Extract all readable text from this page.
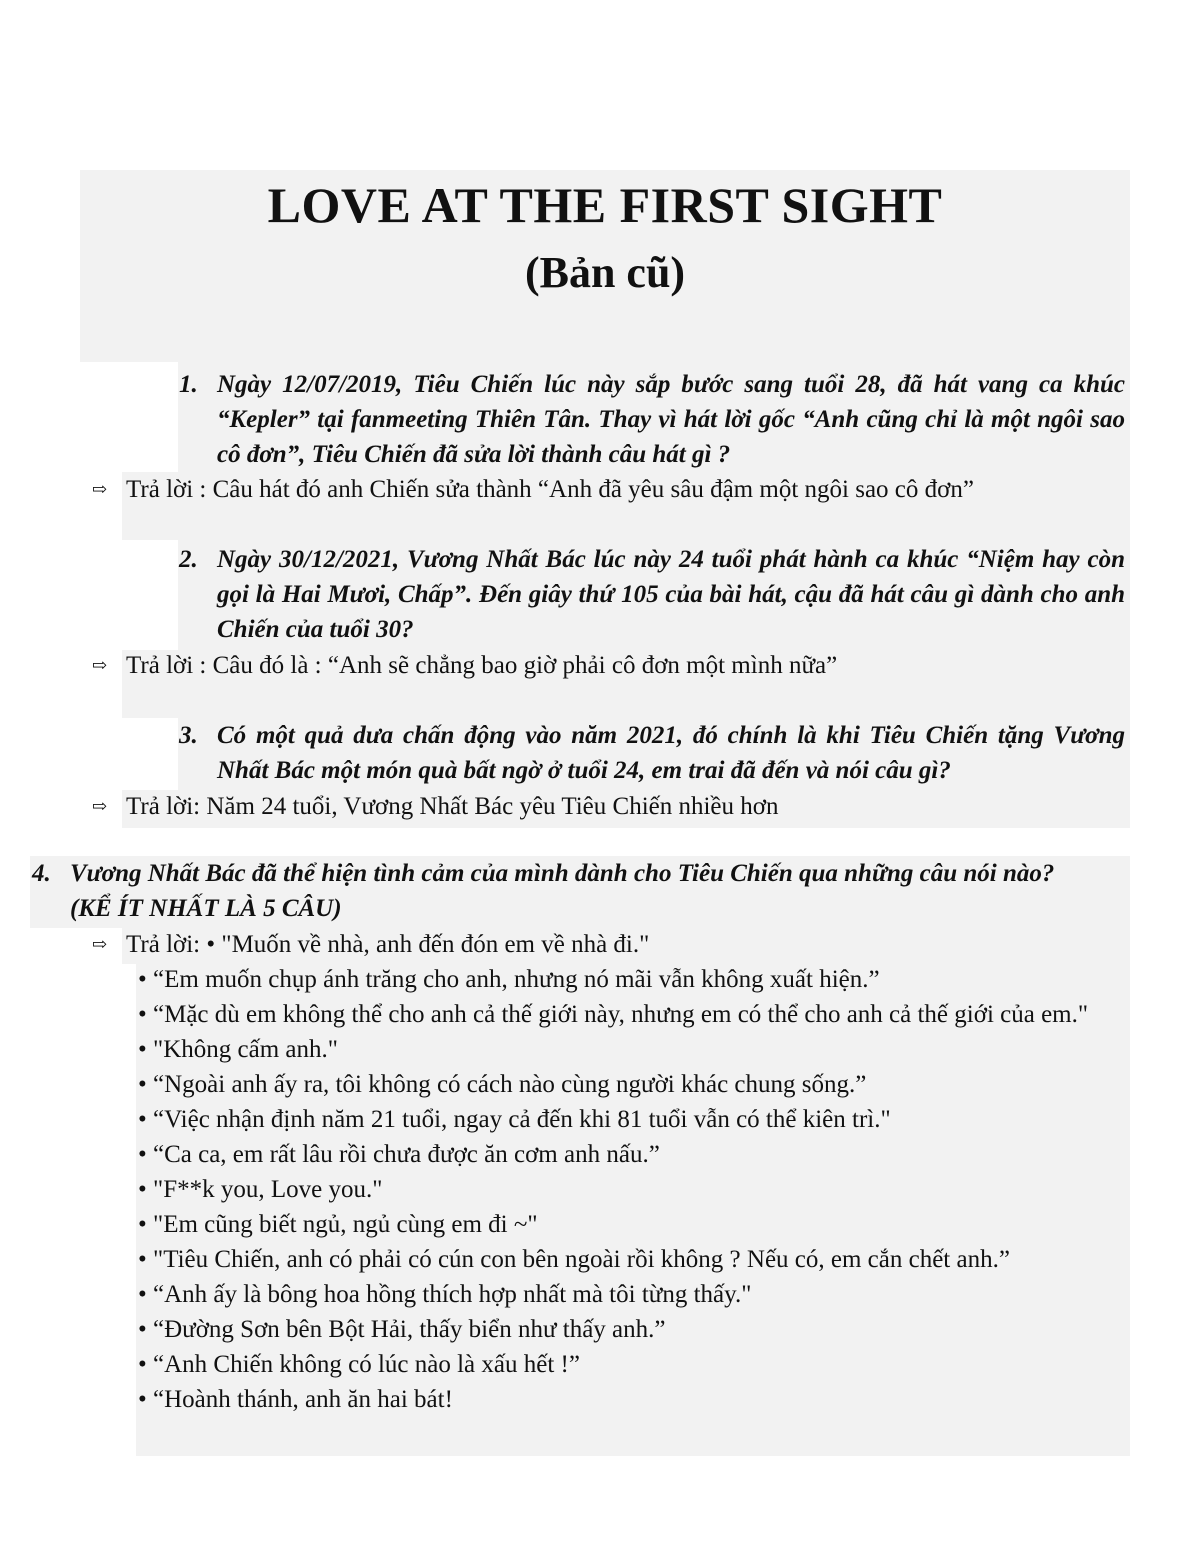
LOVE AT THE FIRST SIGHT
(Bản cũ)
1. Ngày 12/07/2019, Tiêu Chiến lúc này sắp bước sang tuổi 28, đã hát vang ca khúc “Kepler” tại fanmeeting Thiên Tân. Thay vì hát lời gốc “Anh cũng chỉ là một ngôi sao cô đơn”, Tiêu Chiến đã sửa lời thành câu hát gì ?
⇨ Trả lời : Câu hát đó anh Chiến sửa thành “Anh đã yêu sâu đậm một ngôi sao cô đơn”
2. Ngày 30/12/2021, Vương Nhất Bác lúc này 24 tuổi phát hành ca khúc “Niệm hay còn gọi là Hai Mươi, Chấp”. Đến giây thứ 105 của bài hát, cậu đã hát câu gì dành cho anh Chiến của tuổi 30?
⇨ Trả lời : Câu đó là : “Anh sẽ chẳng bao giờ phải cô đơn một mình nữa”
3. Có một quả dưa chấn động vào năm 2021, đó chính là khi Tiêu Chiến tặng Vương Nhất Bác một món quà bất ngờ ở tuổi 24, em trai đã đến và nói câu gì?
⇨ Trả lời: Năm 24 tuổi, Vương Nhất Bác yêu Tiêu Chiến nhiều hơn
4. Vương Nhất Bác đã thể hiện tình cảm của mình dành cho Tiêu Chiến qua những câu nói nào?
(KỂ ÍT NHẤT LÀ 5 CÂU)
⇨ Trả lời: • "Muốn về nhà, anh đến đón em về nhà đi."
• “Em muốn chụp ánh trăng cho anh, nhưng nó mãi vẫn không xuất hiện.”
• “Mặc dù em không thể cho anh cả thế giới này, nhưng em có thể cho anh cả thế giới của em."
• "Không cấm anh."
• “Ngoài anh ấy ra, tôi không có cách nào cùng người khác chung sống.”
• “Việc nhận định năm 21 tuổi, ngay cả đến khi 81 tuổi vẫn có thể kiên trì."
• “Ca ca, em rất lâu rồi chưa được ăn cơm anh nấu.”
• "F**k you, Love you."
• "Em cũng biết ngủ, ngủ cùng em đi ~"
• "Tiêu Chiến, anh có phải có cún con bên ngoài rồi không ? Nếu có, em cắn chết anh.”
• “Anh ấy là bông hoa hồng thích hợp nhất mà tôi từng thấy."
• “Đường Sơn bên Bột Hải, thấy biển như thấy anh.”
• “Anh Chiến không có lúc nào là xấu hết !”
• “Hoành thánh, anh ăn hai bát!
